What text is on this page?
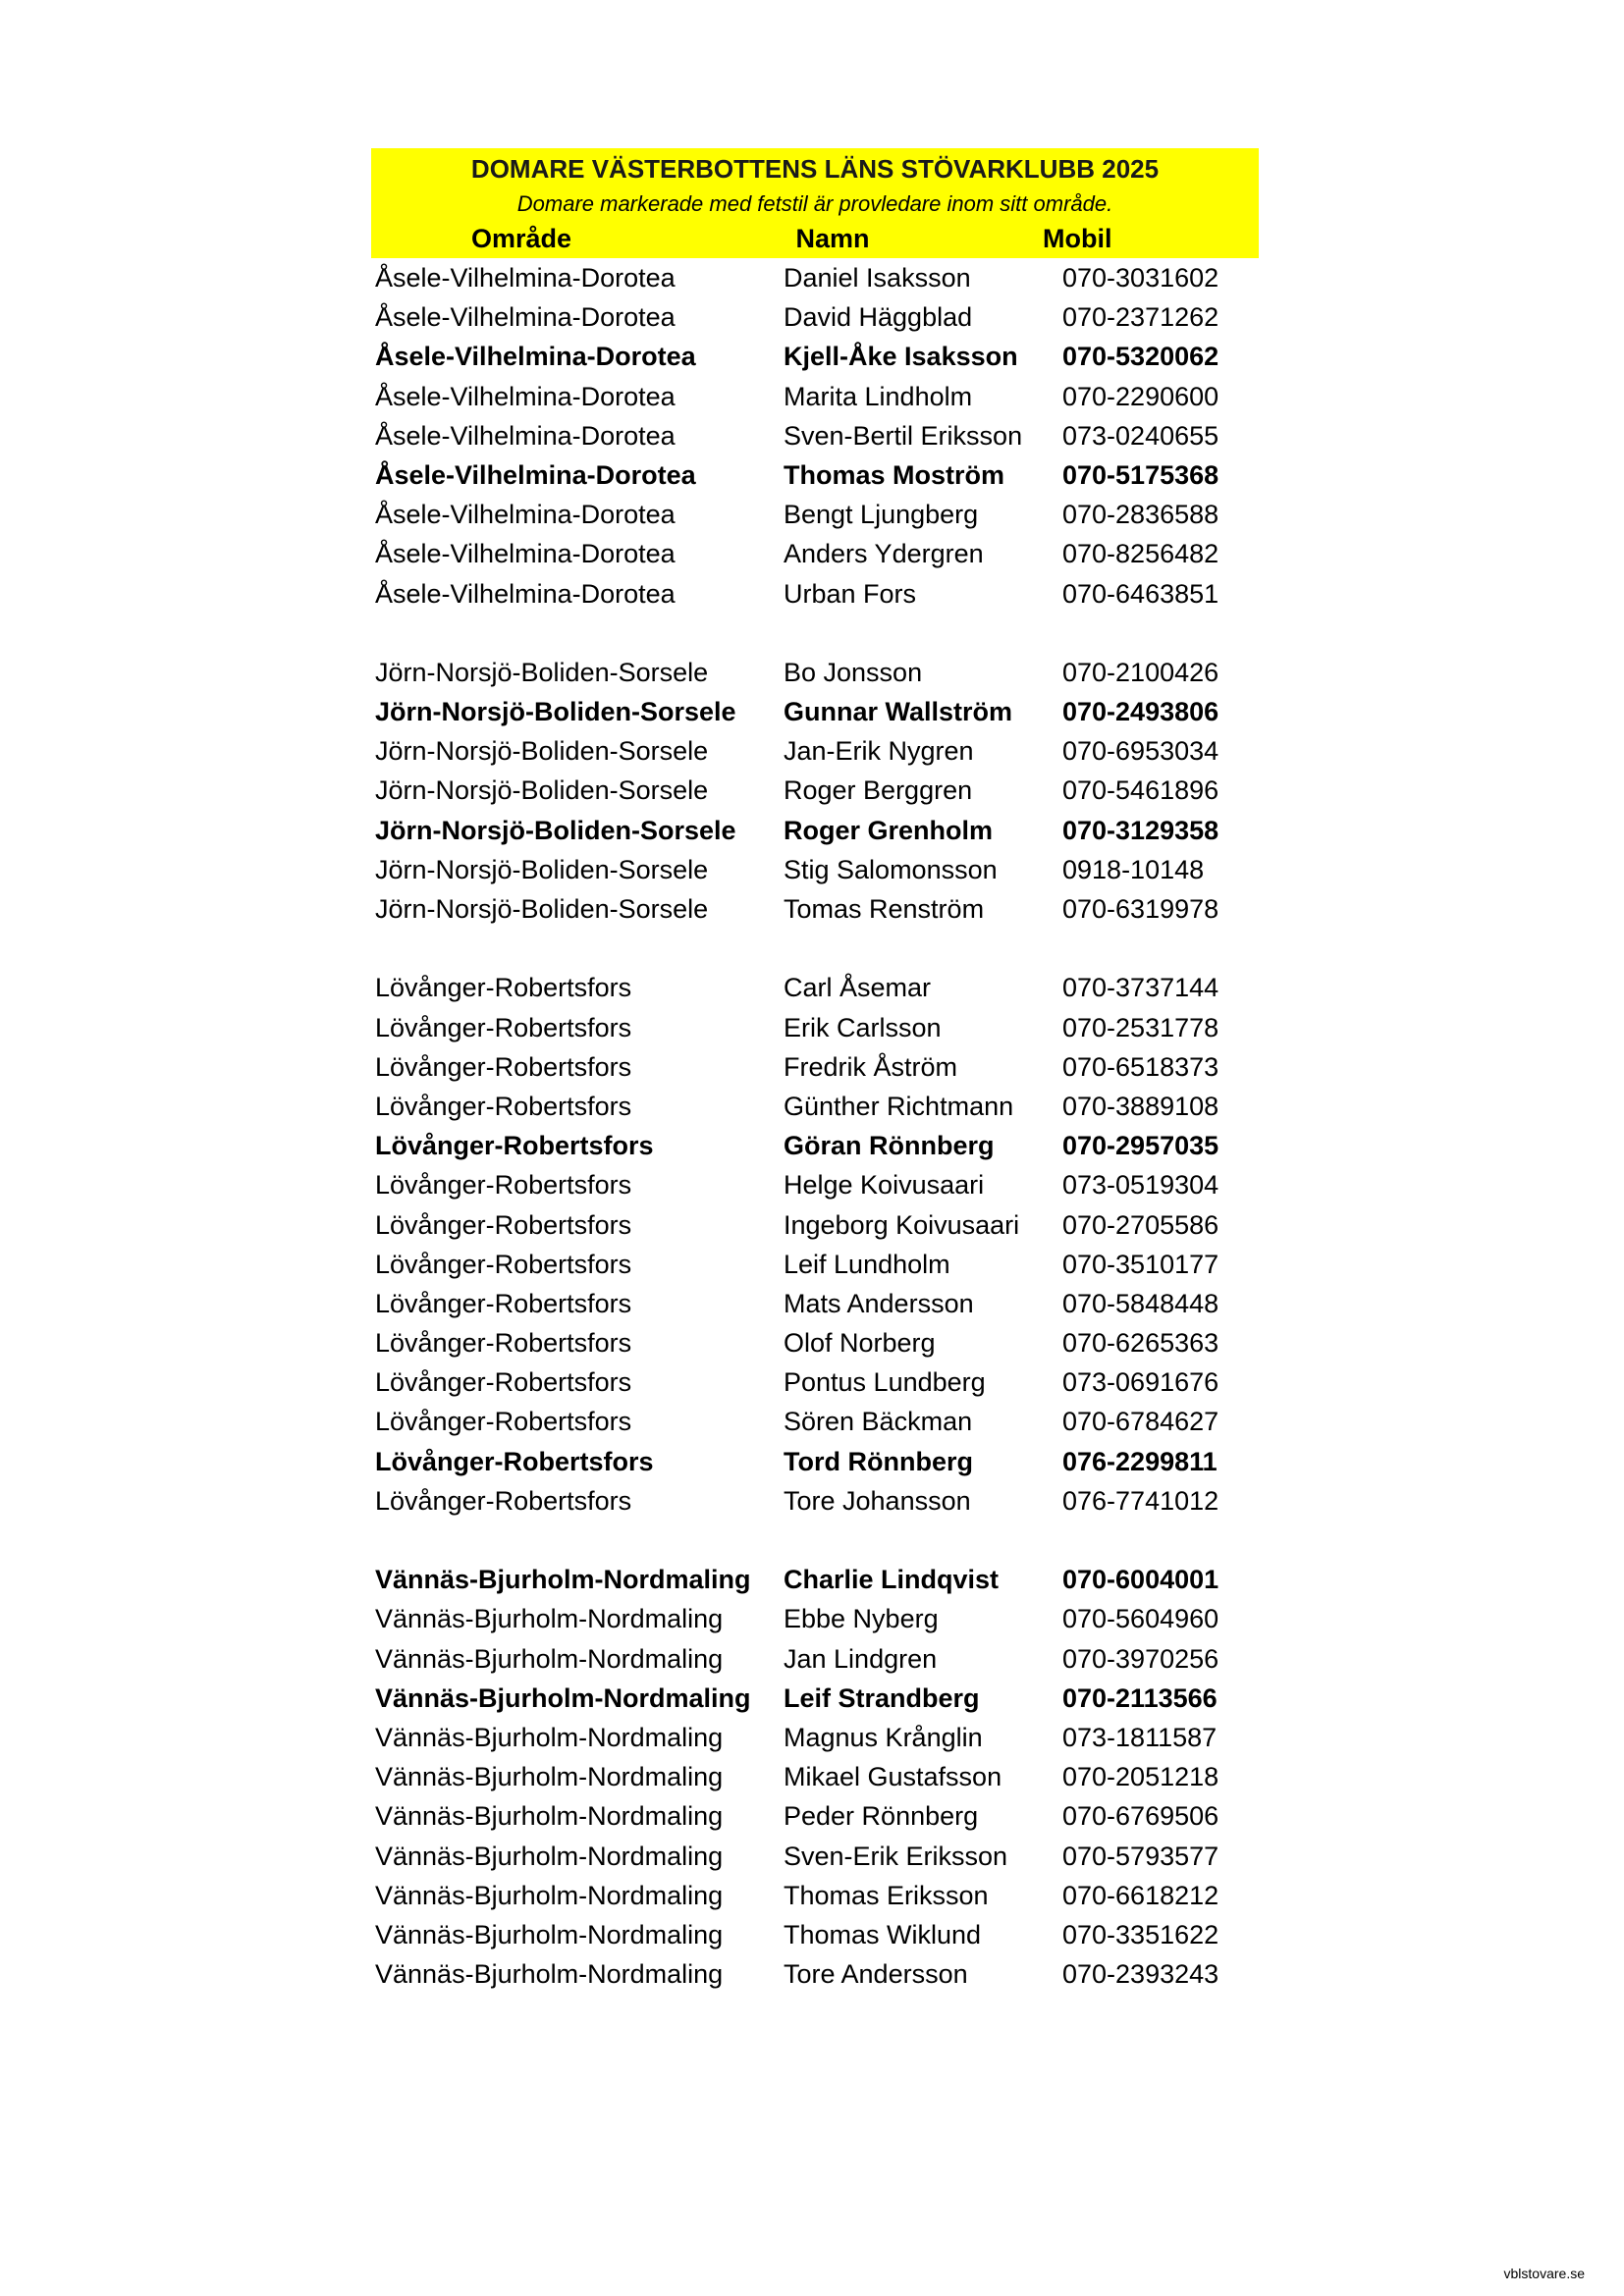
DOMARE VÄSTERBOTTENS LÄNS STÖVARKLUBB 2025
Domare markerade med fetstil är provledare inom sitt område.
Område	Namn	Mobil
Åsele-Vilhelmina-Dorotea	Daniel Isaksson	070-3031602
Åsele-Vilhelmina-Dorotea	David Häggblad	070-2371262
Åsele-Vilhelmina-Dorotea	Kjell-Åke Isaksson	070-5320062
Åsele-Vilhelmina-Dorotea	Marita Lindholm	070-2290600
Åsele-Vilhelmina-Dorotea	Sven-Bertil Eriksson	073-0240655
Åsele-Vilhelmina-Dorotea	Thomas Moström	070-5175368
Åsele-Vilhelmina-Dorotea	Bengt Ljungberg	070-2836588
Åsele-Vilhelmina-Dorotea	Anders Ydergren	070-8256482
Åsele-Vilhelmina-Dorotea	Urban Fors	070-6463851
Jörn-Norsjö-Boliden-Sorsele	Bo Jonsson	070-2100426
Jörn-Norsjö-Boliden-Sorsele	Gunnar Wallström	070-2493806
Jörn-Norsjö-Boliden-Sorsele	Jan-Erik Nygren	070-6953034
Jörn-Norsjö-Boliden-Sorsele	Roger Berggren	070-5461896
Jörn-Norsjö-Boliden-Sorsele	Roger Grenholm	070-3129358
Jörn-Norsjö-Boliden-Sorsele	Stig Salomonsson	0918-10148
Jörn-Norsjö-Boliden-Sorsele	Tomas Renström	070-6319978
Lövånger-Robertsfors	Carl Åsemar	070-3737144
Lövånger-Robertsfors	Erik Carlsson	070-2531778
Lövånger-Robertsfors	Fredrik Åström	070-6518373
Lövånger-Robertsfors	Günther Richtmann	070-3889108
Lövånger-Robertsfors	Göran Rönnberg	070-2957035
Lövånger-Robertsfors	Helge Koivusaari	073-0519304
Lövånger-Robertsfors	Ingeborg Koivusaari	070-2705586
Lövånger-Robertsfors	Leif Lundholm	070-3510177
Lövånger-Robertsfors	Mats Andersson	070-5848448
Lövånger-Robertsfors	Olof Norberg	070-6265363
Lövånger-Robertsfors	Pontus Lundberg	073-0691676
Lövånger-Robertsfors	Sören Bäckman	070-6784627
Lövånger-Robertsfors	Tord Rönnberg	076-2299811
Lövånger-Robertsfors	Tore Johansson	076-7741012
Vännäs-Bjurholm-Nordmaling	Charlie Lindqvist	070-6004001
Vännäs-Bjurholm-Nordmaling	Ebbe Nyberg	070-5604960
Vännäs-Bjurholm-Nordmaling	Jan Lindgren	070-3970256
Vännäs-Bjurholm-Nordmaling	Leif Strandberg	070-2113566
Vännäs-Bjurholm-Nordmaling	Magnus Krånglin	073-1811587
Vännäs-Bjurholm-Nordmaling	Mikael Gustafsson	070-2051218
Vännäs-Bjurholm-Nordmaling	Peder Rönnberg	070-6769506
Vännäs-Bjurholm-Nordmaling	Sven-Erik Eriksson	070-5793577
Vännäs-Bjurholm-Nordmaling	Thomas Eriksson	070-6618212
Vännäs-Bjurholm-Nordmaling	Thomas Wiklund	070-3351622
Vännäs-Bjurholm-Nordmaling	Tore Andersson	070-2393243
vblstovare.se
